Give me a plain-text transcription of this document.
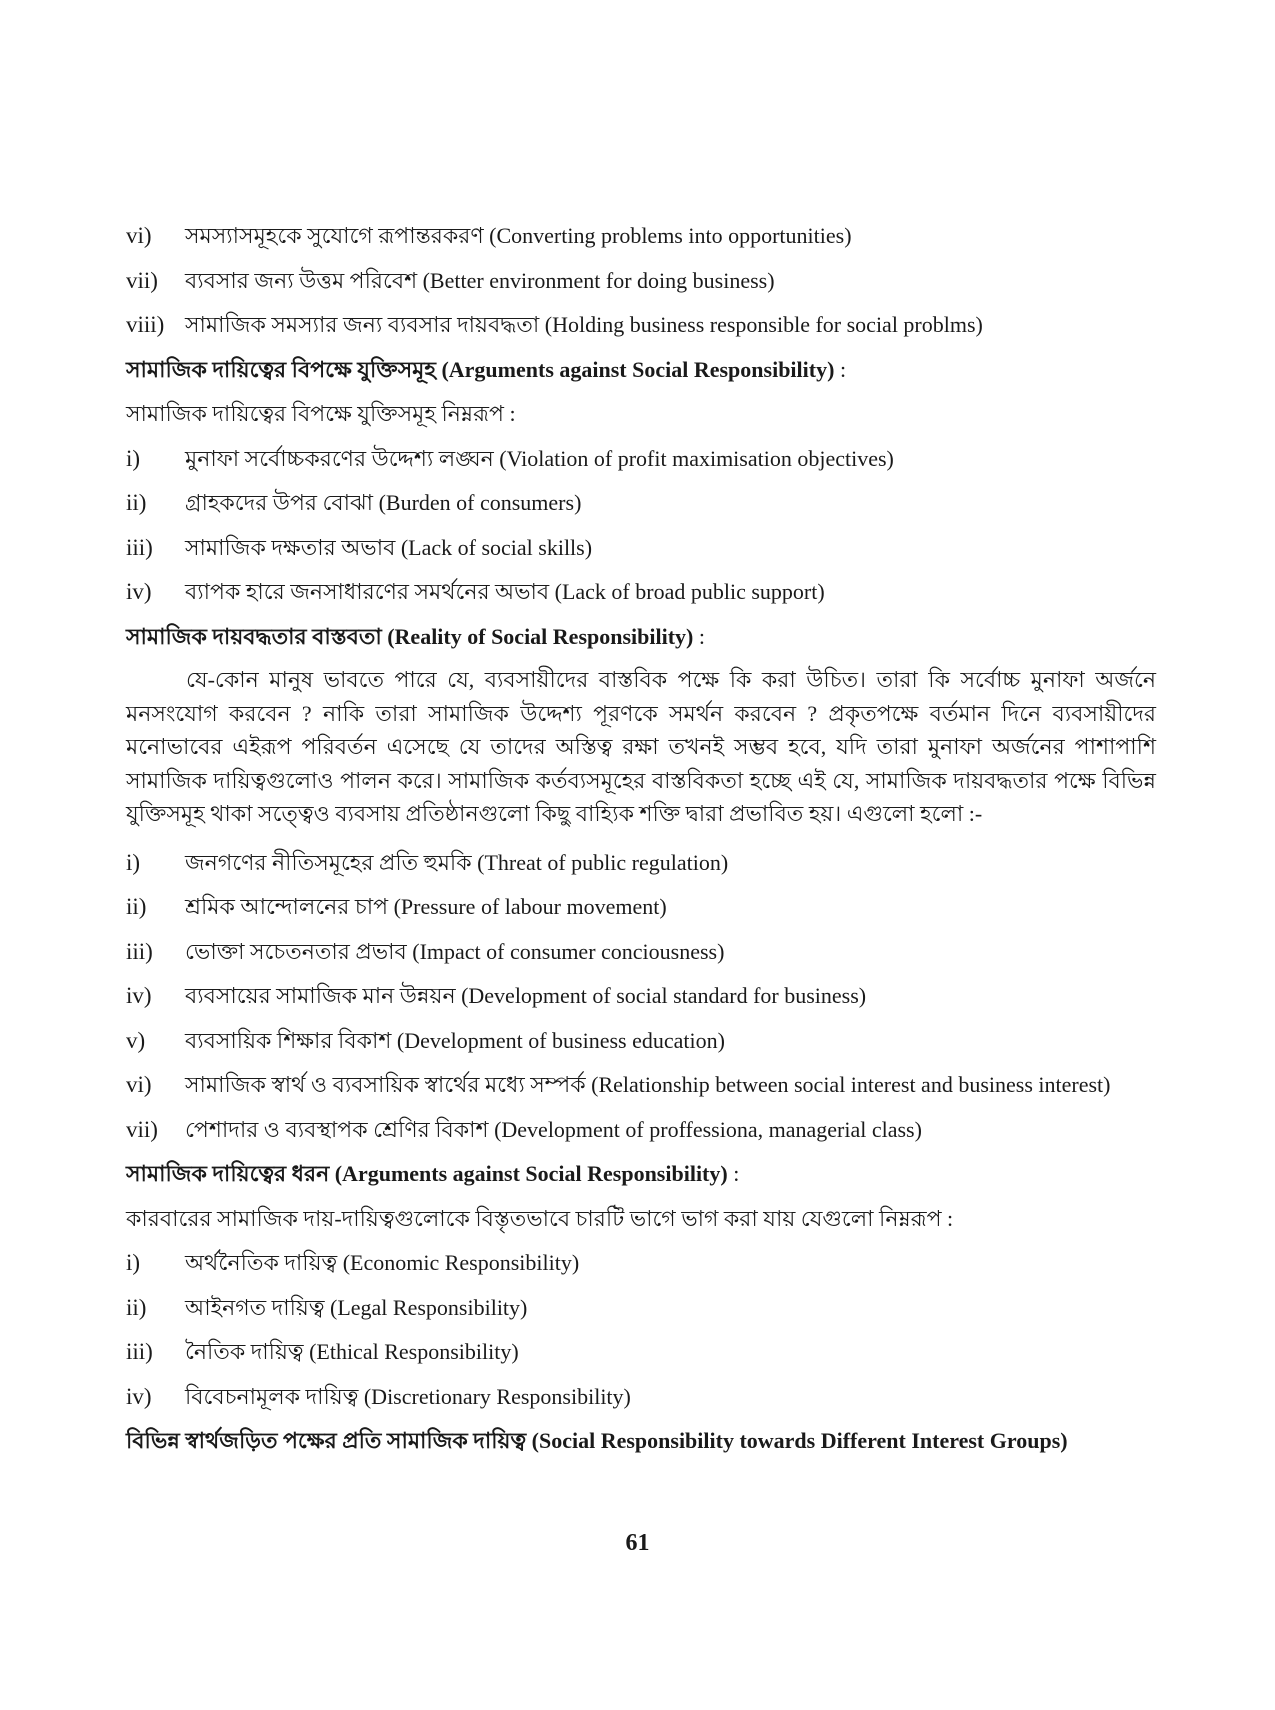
vi)	সমস্যাসমূহকে সুযোগে রূপান্তরকরণ (Converting problems into opportunities)
vii)	ব্যবসার জন্য উত্তম পরিবেশ (Better environment for doing business)
viii) সামাজিক সমস্যার জন্য ব্যবসার দায়বদ্ধতা (Holding business responsible for social problms)
সামাজিক দায়িত্বের বিপক্ষে যুক্তিসমূহ (Arguments against Social Responsibility) :
সামাজিক দায়িত্বের বিপক্ষে যুক্তিসমূহ নিম্নরূপ :
i)	মুনাফা সর্বোচ্চকরণের উদ্দেশ্য লঙ্ঘন (Violation of profit maximisation objectives)
ii)	গ্রাহকদের উপর বোঝা (Burden of consumers)
iii)	সামাজিক দক্ষতার অভাব (Lack of social skills)
iv)	ব্যাপক হারে জনসাধারণের সমর্থনের অভাব (Lack of broad public support)
সামাজিক দায়বদ্ধতার বাস্তবতা (Reality of Social Responsibility) :
যে-কোন মানুষ ভাবতে পারে যে, ব্যবসায়ীদের বাস্তবিক পক্ষে কি করা উচিত। তারা কি সর্বোচ্চ মুনাফা অর্জনে মনসংযোগ করবেন ? নাকি তারা সামাজিক উদ্দেশ্য পূরণকে সমর্থন করবেন ? প্রকৃতপক্ষে বর্তমান দিনে ব্যবসায়ীদের মনোভাবের এইরূপ পরিবর্তন এসেছে যে তাদের অস্তিত্ব রক্ষা তখনই সম্ভব হবে, যদি তারা মুনাফা অর্জনের পাশাপাশি সামাজিক দায়িত্বগুলোও পালন করে। সামাজিক কর্তব্যসমূহের বাস্তবিকতা হচ্ছে এই যে, সামাজিক দায়বদ্ধতার পক্ষে বিভিন্ন যুক্তিসমূহ থাকা সত্ত্বেও ব্যবসায় প্রতিষ্ঠানগুলো কিছু বাহ্যিক শক্তি দ্বারা প্রভাবিত হয়। এগুলো হলো :-
i)	জনগণের নীতিসমূহের প্রতি হুমকি (Threat of public regulation)
ii)	শ্রমিক আন্দোলনের চাপ (Pressure of labour movement)
iii)	ভোক্তা সচেতনতার প্রভাব (Impact of consumer conciousness)
iv)	ব্যবসায়ের সামাজিক মান উন্নয়ন (Development of social standard for business)
v)	ব্যবসায়িক শিক্ষার বিকাশ (Development of business education)
vi)	সামাজিক স্বার্থ ও ব্যবসায়িক স্বার্থের মধ্যে সম্পর্ক (Relationship between social interest and business interest)
vii)	পেশাদার ও ব্যবস্থাপক শ্রেণির বিকাশ (Development of proffessiona, managerial class)
সামাজিক দায়িত্বের ধরন (Arguments against Social Responsibility) :
কারবারের সামাজিক দায়-দায়িত্বগুলোকে বিস্তৃতভাবে চারটি ভাগে ভাগ করা যায় যেগুলো নিম্নরূপ :
i)	অর্থনৈতিক দায়িত্ব (Economic Responsibility)
ii)	আইনগত দায়িত্ব (Legal Responsibility)
iii)	নৈতিক দায়িত্ব (Ethical Responsibility)
iv)	বিবেচনামূলক দায়িত্ব (Discretionary Responsibility)
বিভিন্ন স্বার্থজড়িত পক্ষের প্রতি সামাজিক দায়িত্ব (Social Responsibility towards Different Interest Groups)
61
